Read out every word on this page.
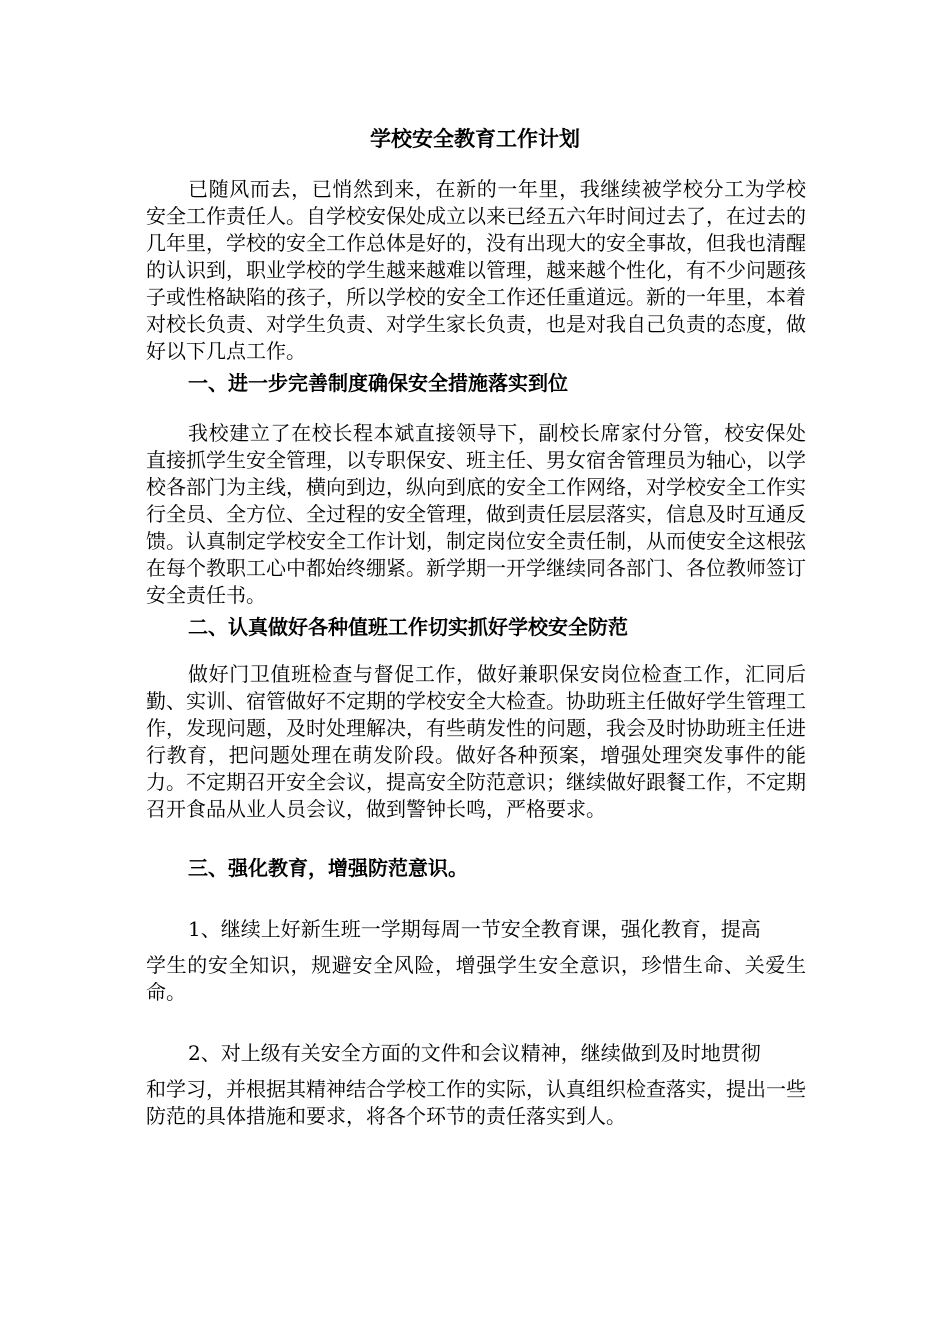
学校安全教育工作计划

已随风而去，已悄然到来，在新的一年里，我继续被学校分工为学校安全工作责任人。自学校安保处成立以来已经五六年时间过去了，在过去的几年里，学校的安全工作总体是好的，没有出现大的安全事故，但我也清醒的认识到，职业学校的学生越来越难以管理，越来越个性化，有不少问题孩子或性格缺陷的孩子，所以学校的安全工作还任重道远。新的一年里，本着对校长负责、对学生负责、对学生家长负责，也是对我自己负责的态度，做好以下几点工作。

一、进一步完善制度确保安全措施落实到位

我校建立了在校长程本斌直接领导下，副校长席家付分管，校安保处直接抓学生安全管理，以专职保安、班主任、男女宿舍管理员为轴心，以学校各部门为主线，横向到边，纵向到底的安全工作网络，对学校安全工作实行全员、全方位、全过程的安全管理，做到责任层层落实，信息及时互通反馈。认真制定学校安全工作计划，制定岗位安全责任制，从而使安全这根弦在每个教职工心中都始终绷紧。新学期一开学继续同各部门、各位教师签订安全责任书。

二、认真做好各种值班工作切实抓好学校安全防范

做好门卫值班检查与督促工作，做好兼职保安岗位检查工作，汇同后勤、实训、宿管做好不定期的学校安全大检查。协助班主任做好学生管理工作，发现问题，及时处理解决，有些萌发性的问题，我会及时协助班主任进行教育，把问题处理在萌发阶段。做好各种预案，增强处理突发事件的能力。不定期召开安全会议，提高安全防范意识；继续做好跟餐工作，不定期召开食品从业人员会议，做到警钟长鸣，严格要求。

三、强化教育，增强防范意识。

1、继续上好新生班一学期每周一节安全教育课，强化教育，提高
学生的安全知识，规避安全风险，增强学生安全意识，珍惜生命、关爱生命。
2、对上级有关安全方面的文件和会议精神，继续做到及时地贯彻
和学习，并根据其精神结合学校工作的实际，认真组织检查落实，提出一些防范的具体措施和要求，将各个环节的责任落实到人。
